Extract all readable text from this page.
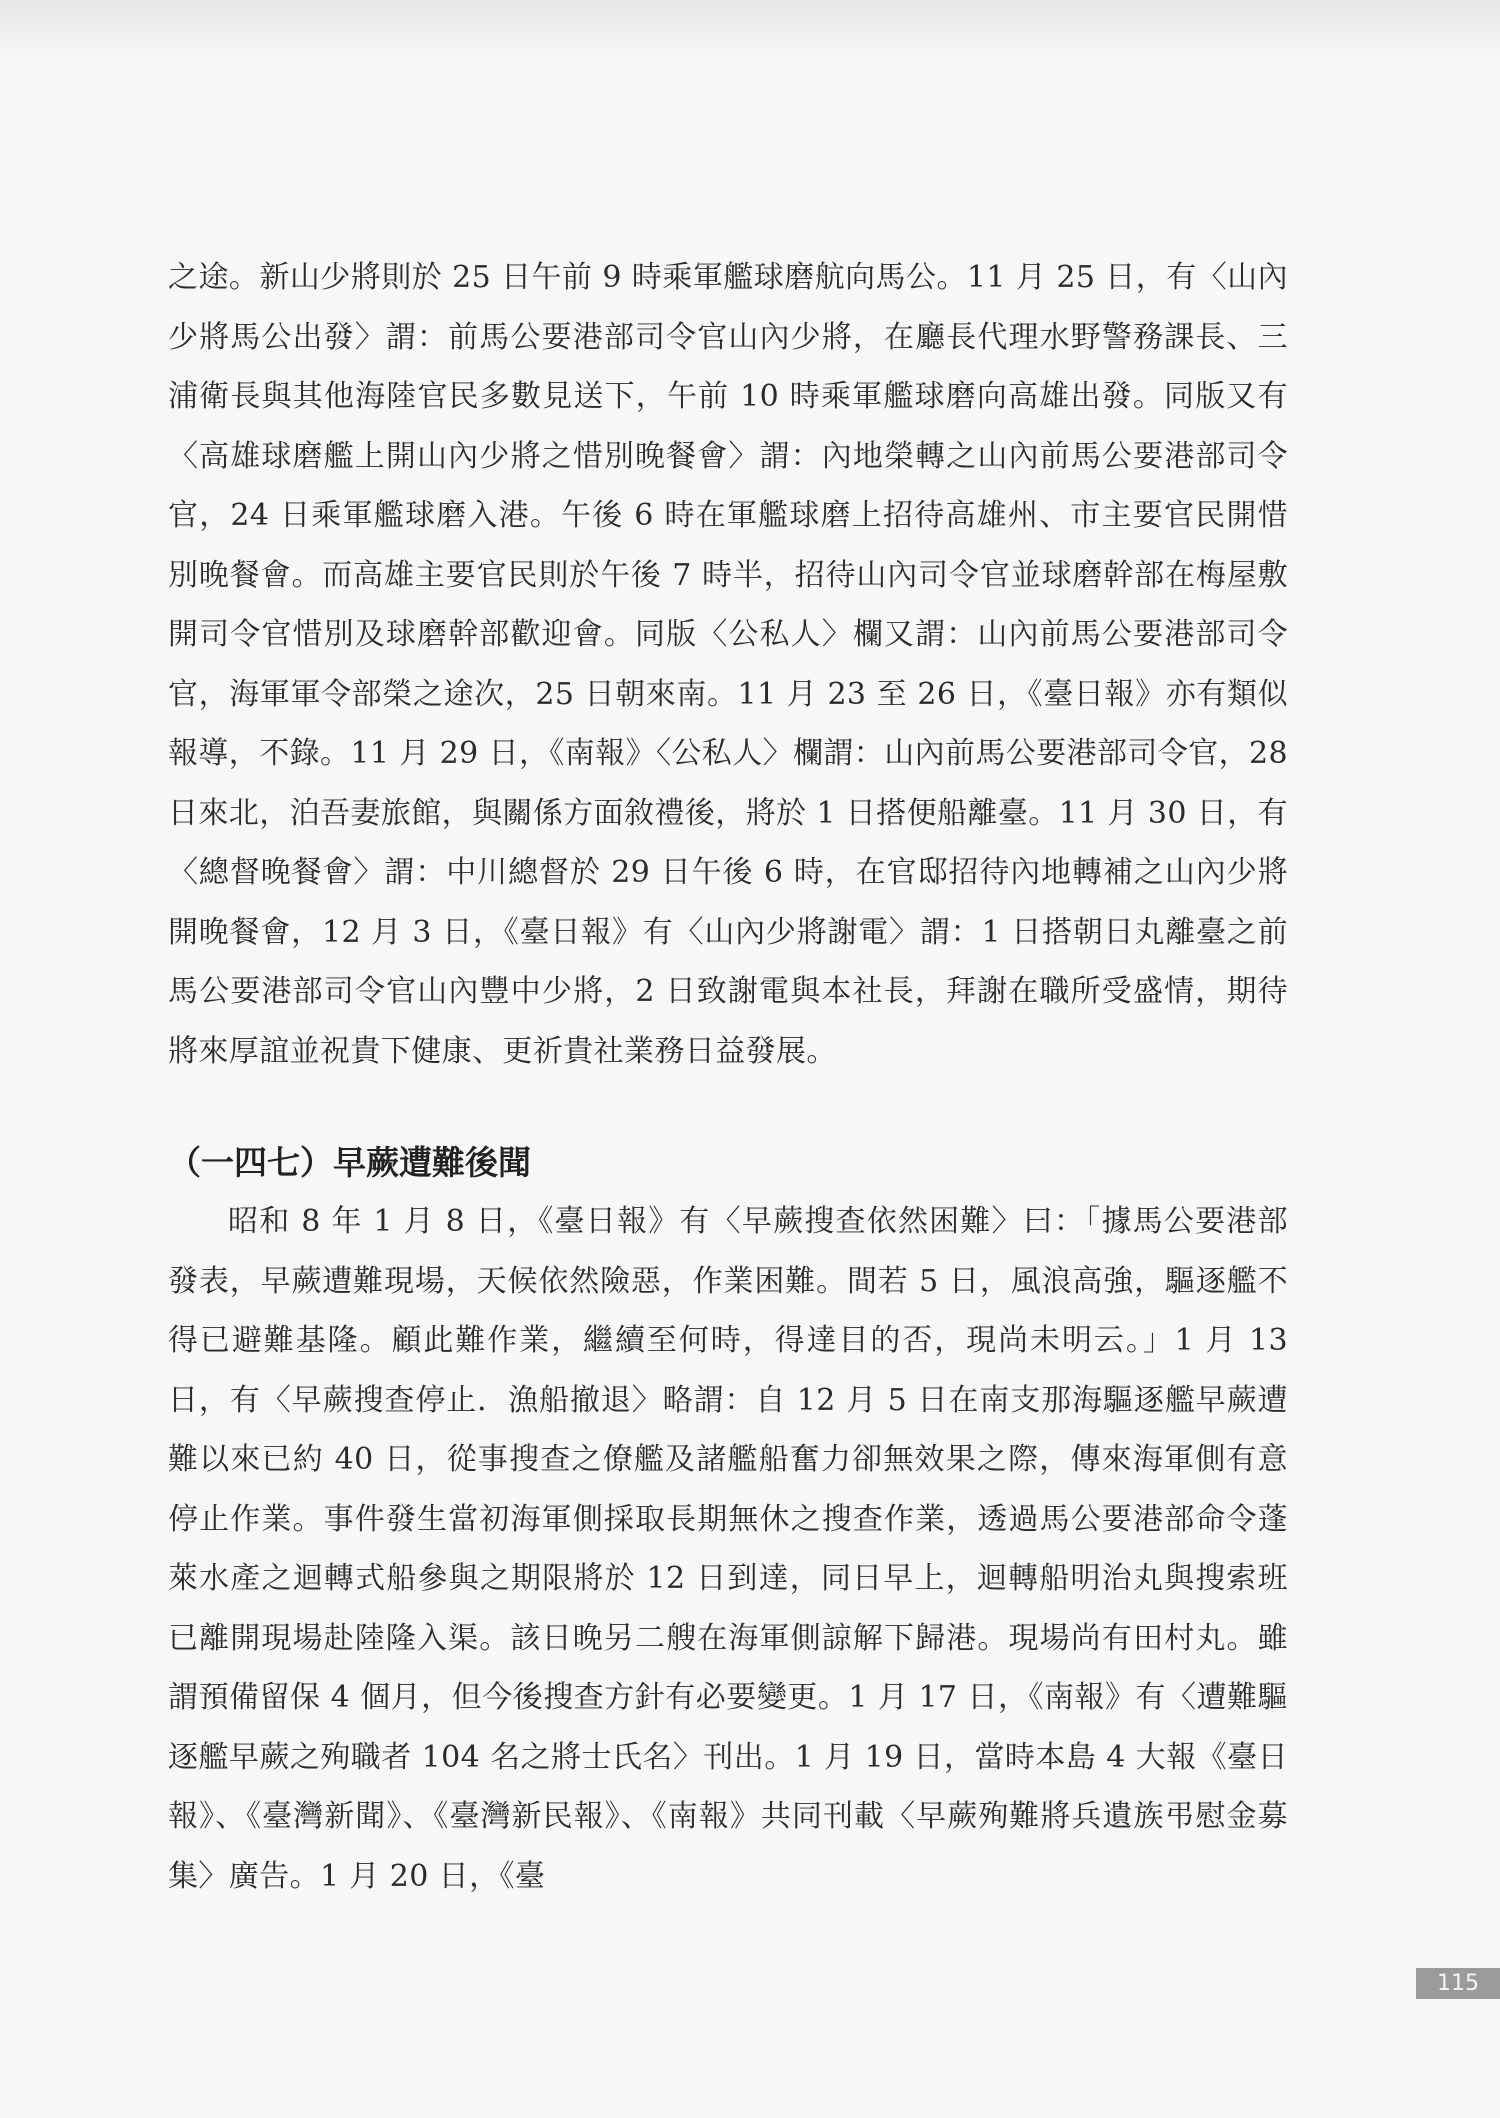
之途。新山少將則於 25 日午前 9 時乘軍艦球磨航向馬公。11 月 25 日，有〈山內少將馬公出發〉謂：前馬公要港部司令官山內少將，在廳長代理水野警務課長、三浦衛長與其他海陸官民多數見送下，午前 10 時乘軍艦球磨向高雄出發。同版又有〈高雄球磨艦上開山內少將之惜別晚餐會〉謂：內地榮轉之山內前馬公要港部司令官，24 日乘軍艦球磨入港。午後 6 時在軍艦球磨上招待高雄州、市主要官民開惜別晚餐會。而高雄主要官民則於午後 7 時半，招待山內司令官並球磨幹部在梅屋敷開司令官惜別及球磨幹部歡迎會。同版〈公私人〉欄又謂：山內前馬公要港部司令官，海軍軍令部榮之途次，25 日朝來南。11 月 23 至 26 日，《臺日報》亦有類似報導，不錄。11 月 29 日，《南報》〈公私人〉欄謂：山內前馬公要港部司令官，28 日來北，泊吾妻旅館，與關係方面敘禮後，將於 1 日搭便船離臺。11 月 30 日，有〈總督晚餐會〉謂：中川總督於 29 日午後 6 時，在官邸招待內地轉補之山內少將開晚餐會，12 月 3 日，《臺日報》有〈山內少將謝電〉謂：1 日搭朝日丸離臺之前馬公要港部司令官山內豐中少將，2 日致謝電與本社長，拜謝在職所受盛情，期待將來厚誼並祝貴下健康、更祈貴社業務日益發展。

（一四七）早蕨遭難後聞

昭和 8 年 1 月 8 日，《臺日報》有〈早蕨搜查依然困難〉曰：「據馬公要港部發表，早蕨遭難現場，天候依然險惡，作業困難。間若 5 日，風浪高強，驅逐艦不得已避難基隆。顧此難作業，繼續至何時，得達目的否，現尚未明云。」1 月 13 日，有〈早蕨搜查停止．漁船撤退〉略謂：自 12 月 5 日在南支那海驅逐艦早蕨遭難以來已約 40 日，從事搜查之僚艦及諸艦船奮力卻無效果之際，傳來海軍側有意停止作業。事件發生當初海軍側採取長期無休之搜查作業，透過馬公要港部命令蓬萊水產之迴轉式船參與之期限將於 12 日到達，同日早上，迴轉船明治丸與搜索班已離開現場赴陸隆入渠。該日晚另二艘在海軍側諒解下歸港。現場尚有田村丸。雖謂預備留保 4 個月，但今後搜查方針有必要變更。1 月 17 日，《南報》有〈遭難驅逐艦早蕨之殉職者 104 名之將士氏名〉刊出。1 月 19 日，當時本島 4 大報《臺日報》、《臺灣新聞》、《臺灣新民報》、《南報》共同刊載〈早蕨殉難將兵遺族弔慰金募集〉廣告。1 月 20 日，《臺

115
